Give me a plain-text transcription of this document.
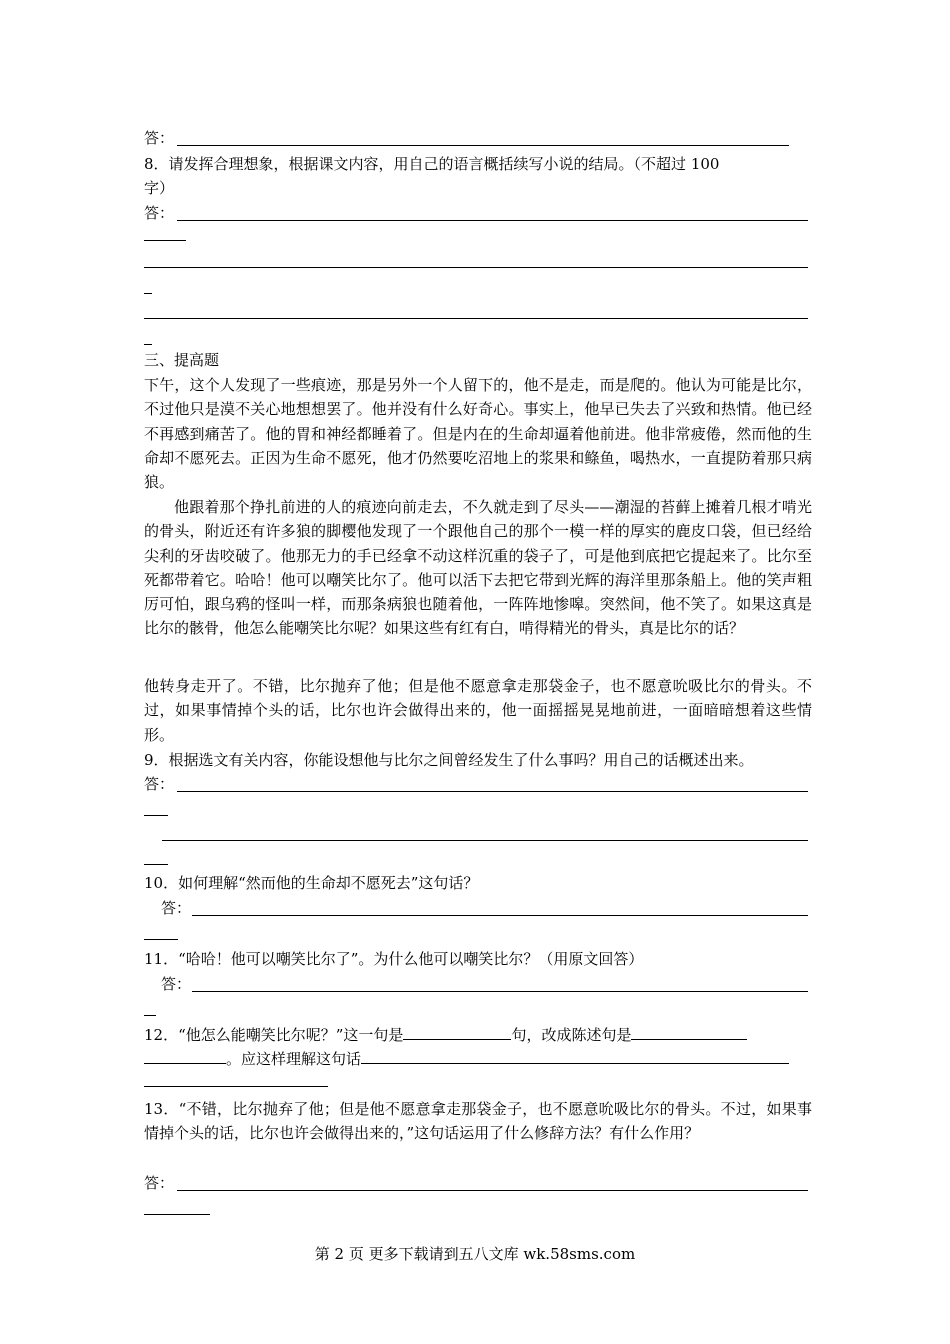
答：
8．请发挥合理想象，根据课文内容，用自己的语言概括续写小说的结局。（不超过 100
字）
答：
三、提高题
下午，这个人发现了一些痕迹，那是另外一个人留下的，他不是走，而是爬的。他认为可能是比尔，不过他只是漠不关心地想想罢了。他并没有什么好奇心。事实上，他早已失去了兴致和热情。他已经不再感到痛苦了。他的胃和神经都睡着了。但是内在的生命却逼着他前进。他非常疲倦，然而他的生命却不愿死去。正因为生命不愿死，他才仍然要吃沼地上的浆果和鲦鱼，喝热水，一直提防着那只病狼。
他跟着那个挣扎前进的人的痕迹向前走去，不久就走到了尽头——潮湿的苔藓上摊着几根才啃光的骨头，附近还有许多狼的脚樱他发现了一个跟他自己的那个一模一样的厚实的鹿皮口袋，但已经给尖利的牙齿咬破了。他那无力的手已经拿不动这样沉重的袋子了，可是他到底把它提起来了。比尔至死都带着它。哈哈！他可以嘲笑比尔了。他可以活下去把它带到光辉的海洋里那条船上。他的笑声粗厉可怕，跟乌鸦的怪叫一样，而那条病狼也随着他，一阵阵地惨嗥。突然间，他不笑了。如果这真是比尔的骸骨，他怎么能嘲笑比尔呢？如果这些有红有白，啃得精光的骨头，真是比尔的话？
他转身走开了。不错，比尔抛弃了他；但是他不愿意拿走那袋金子，也不愿意吮吸比尔的骨头。不过，如果事情掉个头的话，比尔也许会做得出来的，他一面摇摇晃晃地前进，一面暗暗想着这些情形。
9．根据选文有关内容，你能设想他与比尔之间曾经发生了什么事吗？用自己的话概述出来。
答：
10．如何理解“然而他的生命却不愿死去”这句话？
答：
11．“哈哈！他可以嘲笑比尔了”。为什么他可以嘲笑比尔？（用原文回答）
答：
12．“他怎么能嘲笑比尔呢？”这一句是	句，改成陈述句是
。应这样理解这句话
13．“不错，比尔抛弃了他；但是他不愿意拿走那袋金子，也不愿意吮吸比尔的骨头。不过，如果事情掉个头的话，比尔也许会做得出来的，”这句话运用了什么修辞方法？有什么作用？
答：
第 2 页 更多下载请到五八文库 wk.58sms.com
